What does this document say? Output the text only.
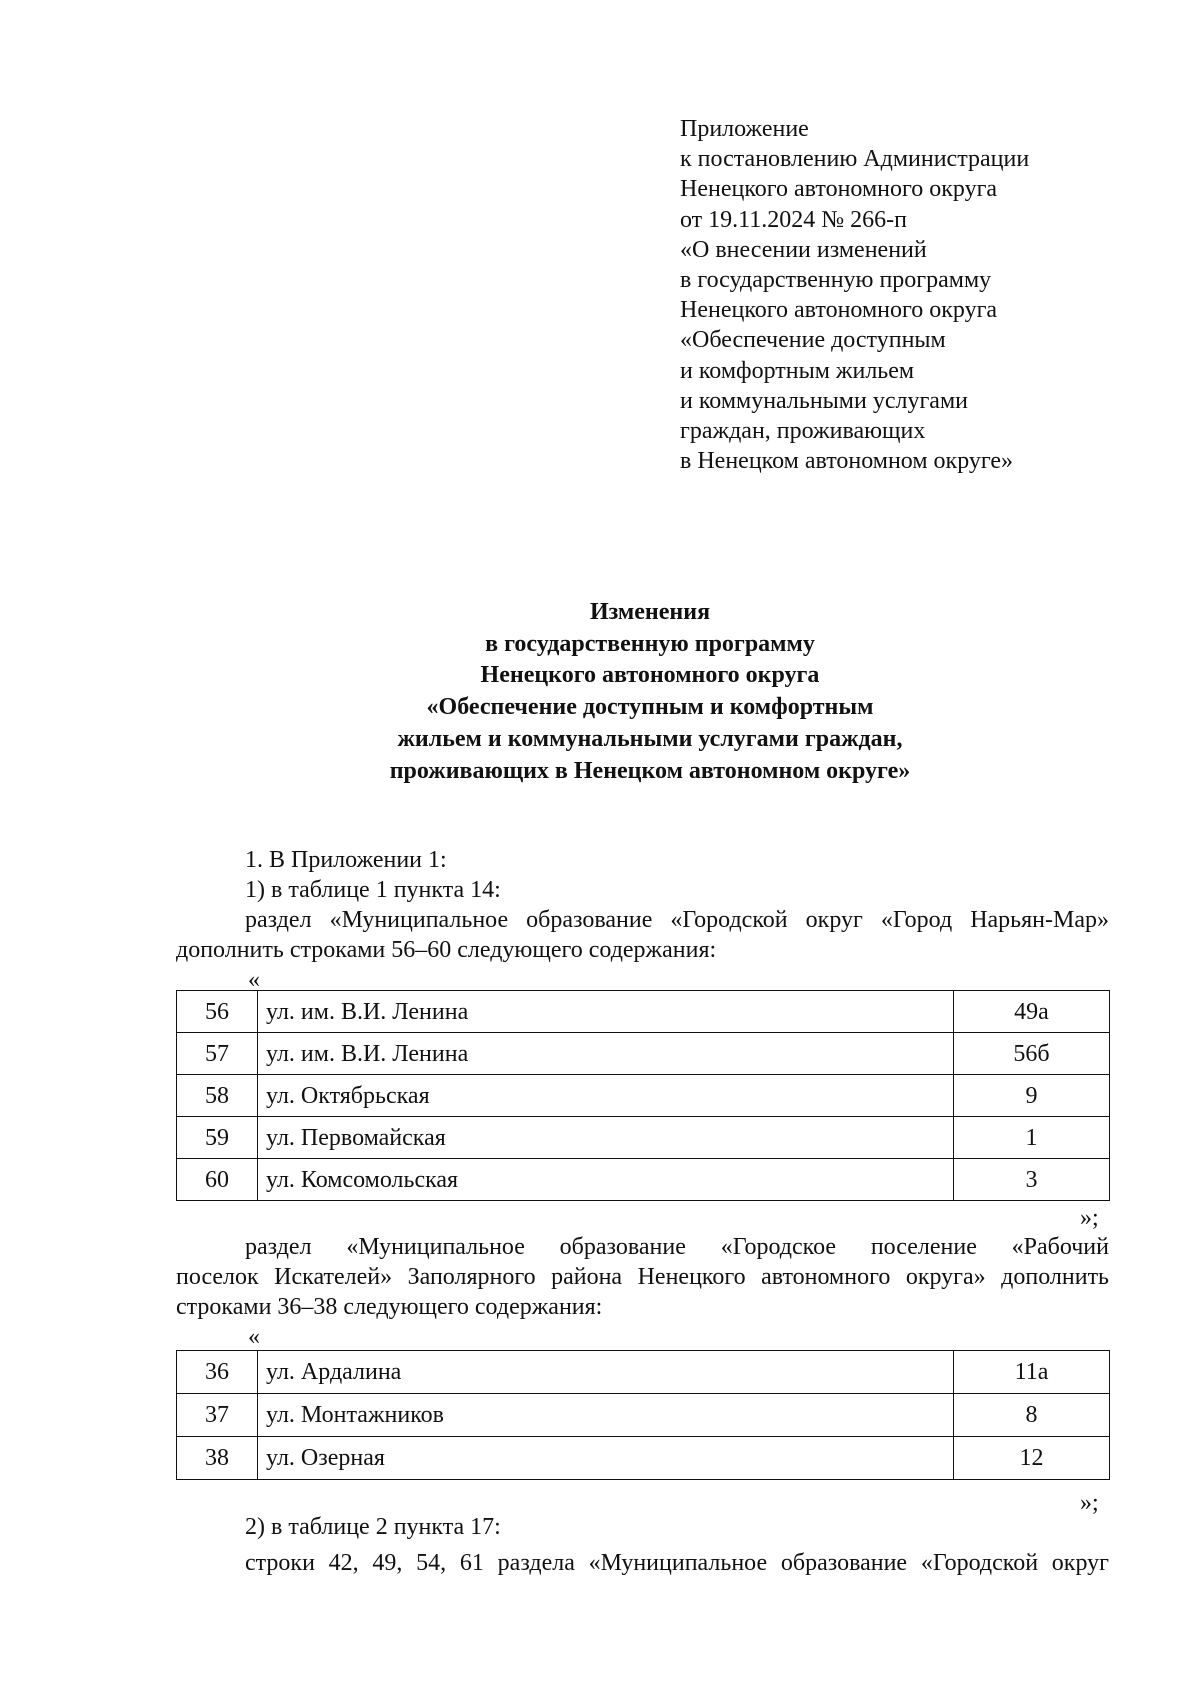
Приложение
к постановлению Администрации
Ненецкого автономного округа
от 19.11.2024 № 266-п
«О внесении изменений
в государственную программу
Ненецкого автономного округа
«Обеспечение доступным
и комфортным жильем
и коммунальными услугами
граждан, проживающих
в Ненецком автономном округе»
Изменения
в государственную программу
Ненецкого автономного округа
«Обеспечение доступным и комфортным
жильем и коммунальными услугами граждан,
проживающих в Ненецком автономном округе»
1. В Приложении 1:
1) в таблице 1 пункта 14:
раздел «Муниципальное образование «Городской округ «Город Нарьян-Мар»
дополнить строками 56–60 следующего содержания:
«
56	ул. им. В.И. Ленина	49а
57	ул. им. В.И. Ленина	56б
58	ул. Октябрьская	9
59	ул. Первомайская	1
60	ул. Комсомольская	3
»;
раздел «Муниципальное образование «Городское поселение «Рабочий
поселок Искателей» Заполярного района Ненецкого автономного округа» дополнить
строками 36–38 следующего содержания:
«
36	ул. Ардалина	11а
37	ул. Монтажников	8
38	ул. Озерная	12
»;
2) в таблице 2 пункта 17:
строки 42, 49, 54, 61 раздела «Муниципальное образование «Городской округ
